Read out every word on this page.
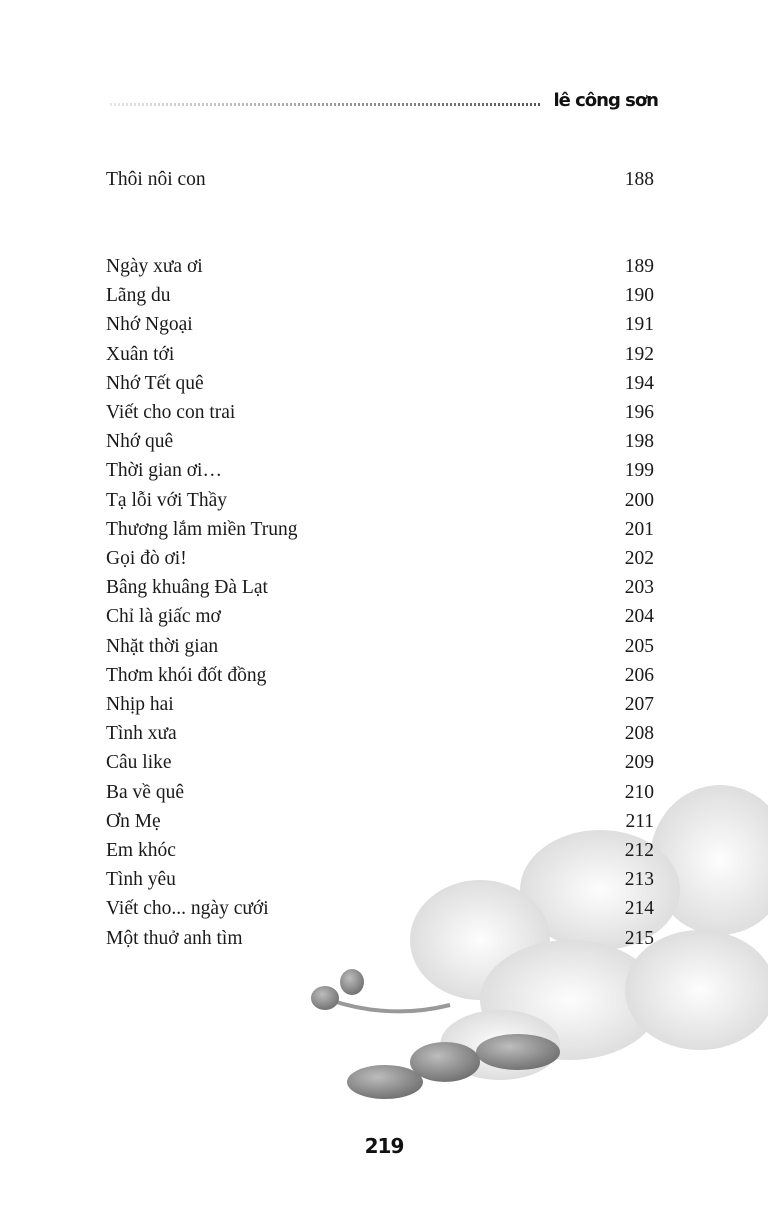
lê công sơn
Thôi nôi con	188
Ngày xưa ơi	189
Lãng du	190
Nhớ Ngoại	191
Xuân tới	192
Nhớ Tết quê	194
Viết cho con trai	196
Nhớ quê	198
Thời gian ơi…	199
Tạ lỗi với Thầy	200
Thương lắm miền Trung	201
Gọi đò ơi!	202
Bâng khuâng Đà Lạt	203
Chỉ là giấc mơ	204
Nhặt thời gian	205
Thơm khói đốt đồng	206
Nhịp hai	207
Tình xưa	208
Câu like	209
Ba về quê	210
Ơn Mẹ	211
Em khóc	212
Tình yêu	213
Viết cho... ngày cưới	214
Một thuở anh tìm	215
219
